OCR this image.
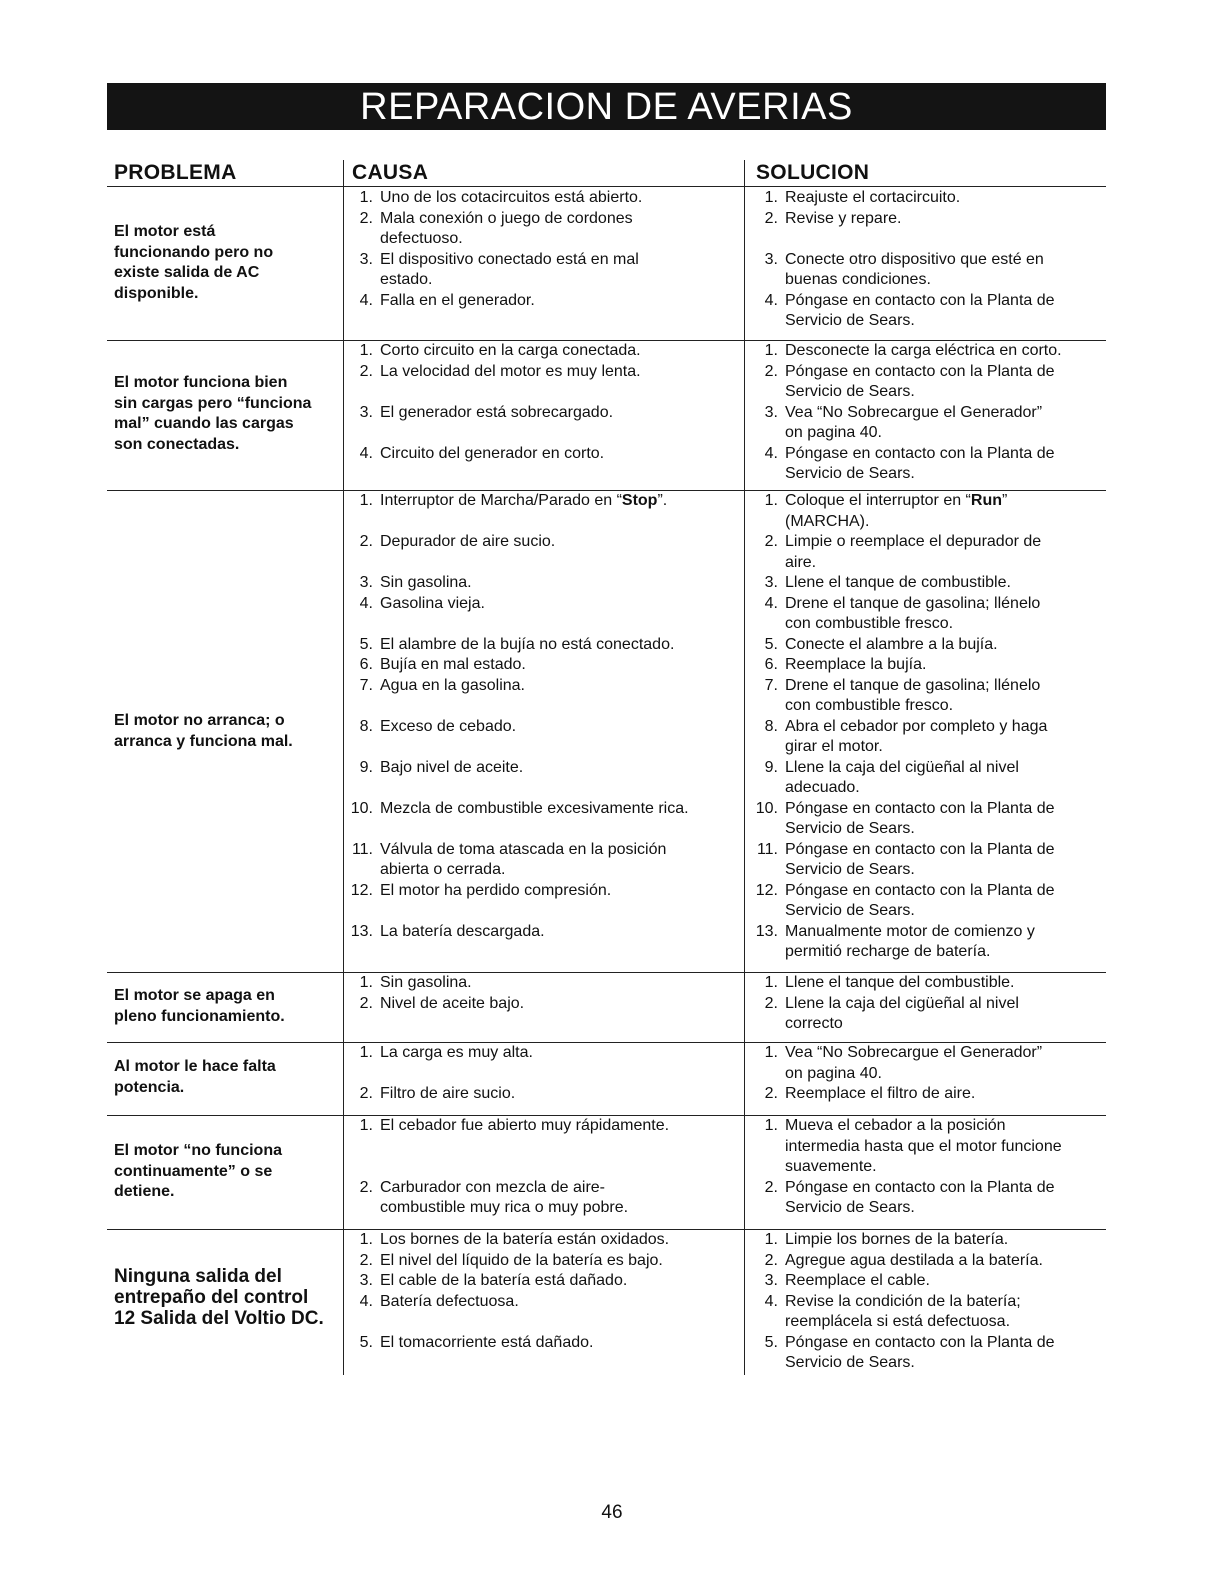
REPARACION DE AVERIAS
PROBLEMA	CAUSA	SOLUCION
El motor está
funcionando pero no
existe salida de AC
disponible.
1. Uno de los cotacircuitos está abierto.
2. Mala conexión o juego de cordones
defectuoso.
3. El dispositivo conectado está en mal
estado.
4. Falla en el generador.
1. Reajuste el cortacircuito.
2. Revise y repare.
3. Conecte otro dispositivo que esté en
buenas condiciones.
4. Póngase en contacto con la Planta de
Servicio de Sears.
El motor funciona bien
sin cargas pero “funciona
mal” cuando las cargas
son conectadas.
1. Corto circuito en la carga conectada.
2. La velocidad del motor es muy lenta.
3. El generador está sobrecargado.
4. Circuito del generador en corto.
1. Desconecte la carga eléctrica en corto.
2. Póngase en contacto con la Planta de
Servicio de Sears.
3. Vea “No Sobrecargue el Generador”
on pagina 40.
4. Póngase en contacto con la Planta de
Servicio de Sears.
El motor no arranca; o
arranca y funciona mal.
1. Interruptor de Marcha/Parado en “Stop”.
2. Depurador de aire sucio.
3. Sin gasolina.
4. Gasolina vieja.
5. El alambre de la bujía no está conectado.
6. Bujía en mal estado.
7. Agua en la gasolina.
8. Exceso de cebado.
9. Bajo nivel de aceite.
10. Mezcla de combustible excesivamente rica.
11. Válvula de toma atascada en la posición
abierta o cerrada.
12. El motor ha perdido compresión.
13. La batería descargada.
1. Coloque el interruptor en “Run”
(MARCHA).
2. Limpie o reemplace el depurador de
aire.
3. Llene el tanque de combustible.
4. Drene el tanque de gasolina; llénelo
con combustible fresco.
5. Conecte el alambre a la bujía.
6. Reemplace la bujía.
7. Drene el tanque de gasolina; llénelo
con combustible fresco.
8. Abra el cebador por completo y haga
girar el motor.
9. Llene la caja del cigüeñal al nivel
adecuado.
10. Póngase en contacto con la Planta de
Servicio de Sears.
11. Póngase en contacto con la Planta de
Servicio de Sears.
12. Póngase en contacto con la Planta de
Servicio de Sears.
13. Manualmente motor de comienzo y
permitió recharge de batería.
El motor se apaga en
pleno funcionamiento.
1. Sin gasolina.
2. Nivel de aceite bajo.
1. Llene el tanque del combustible.
2. Llene la caja del cigüeñal al nivel
correcto
Al motor le hace falta
potencia.
1. La carga es muy alta.
2. Filtro de aire sucio.
1. Vea “No Sobrecargue el Generador”
on pagina 40.
2. Reemplace el filtro de aire.
El motor “no funciona
continuamente” o se
detiene.
1. El cebador fue abierto muy rápidamente.
2. Carburador con mezcla de aire-
combustible muy rica o muy pobre.
1. Mueva el cebador a la posición
intermedia hasta que el motor funcione
suavemente.
2. Póngase en contacto con la Planta de
Servicio de Sears.
Ninguna salida del
entrepaño del control
12 Salida del Voltio DC.
1. Los bornes de la batería están oxidados.
2. El nivel del líquido de la batería es bajo.
3. El cable de la batería está dañado.
4. Batería defectuosa.
5. El tomacorriente está dañado.
1. Limpie los bornes de la batería.
2. Agregue agua destilada a la batería.
3. Reemplace el cable.
4. Revise la condición de la batería;
reemplácela si está defectuosa.
5. Póngase en contacto con la Planta de
Servicio de Sears.
46
